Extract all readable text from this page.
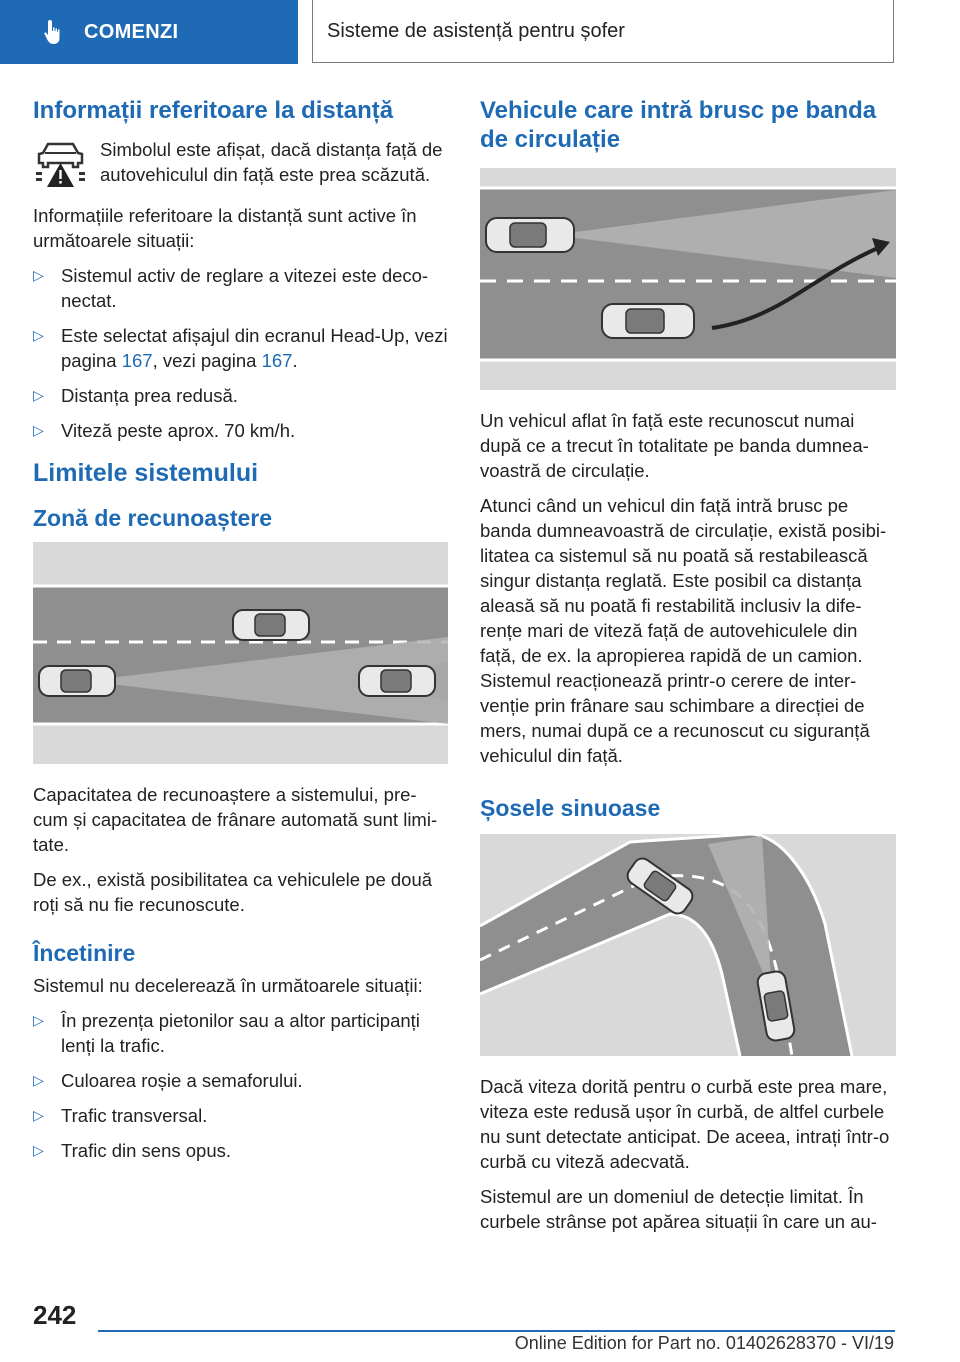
COMENZI	Sisteme de asistență pentru șofer
Informații referitoare la distanță

Simbolul este afișat, dacă distanța față de autovehiculul din față este prea scăzută.

Informațiile referitoare la distanță sunt active în următoarele situații:

▷ Sistemul activ de reglare a vitezei este deco-nectat.
▷ Este selectat afișajul din ecranul Head-Up, vezi pagina 167, vezi pagina 167.
▷ Distanța prea redusă.
▷ Viteză peste aprox. 70 km/h.
Limitele sistemului
Zonă de recunoaștere

Capacitatea de recunoaștere a sistemului, pre-cum și capacitatea de frânare automată sunt limi-tate.

De ex., există posibilitatea ca vehiculele pe două roți să nu fie recunoscute.

Încetinire

Sistemul nu decelerează în următoarele situații:

▷ În prezența pietonilor sau a altor participanți lenți la trafic.
▷ Culoarea roșie a semaforului.
▷ Trafic transversal.
▷ Trafic din sens opus.
Vehicule care intră brusc pe banda de circulație

Un vehicul aflat în față este recunoscut numai după ce a trecut în totalitate pe banda dumnea-voastră de circulație.

Atunci când un vehicul din față intră brusc pe banda dumneavoastră de circulație, există posibi-litatea ca sistemul să nu poată să restabilească singur distanța reglată. Este posibil ca distanța aleasă să nu poată fi restabilită inclusiv la dife-rențe mari de viteză față de autovehiculele din față, de ex. la apropierea rapidă de un camion. Sistemul reacționează printr-o cerere de inter-venție prin frânare sau schimbare a direcției de mers, numai după ce a recunoscut cu siguranță vehiculul din față.

Șosele sinuoase

Dacă viteza dorită pentru o curbă este prea mare, viteza este redusă ușor în curbă, de altfel curbele nu sunt detectate anticipat. De aceea, intrați într-o curbă cu viteză adecvată.

Sistemul are un domeniul de detecție limitat. În curbele strânse pot apărea situații în care un au-

242
Online Edition for Part no. 01402628370 - VI/19
